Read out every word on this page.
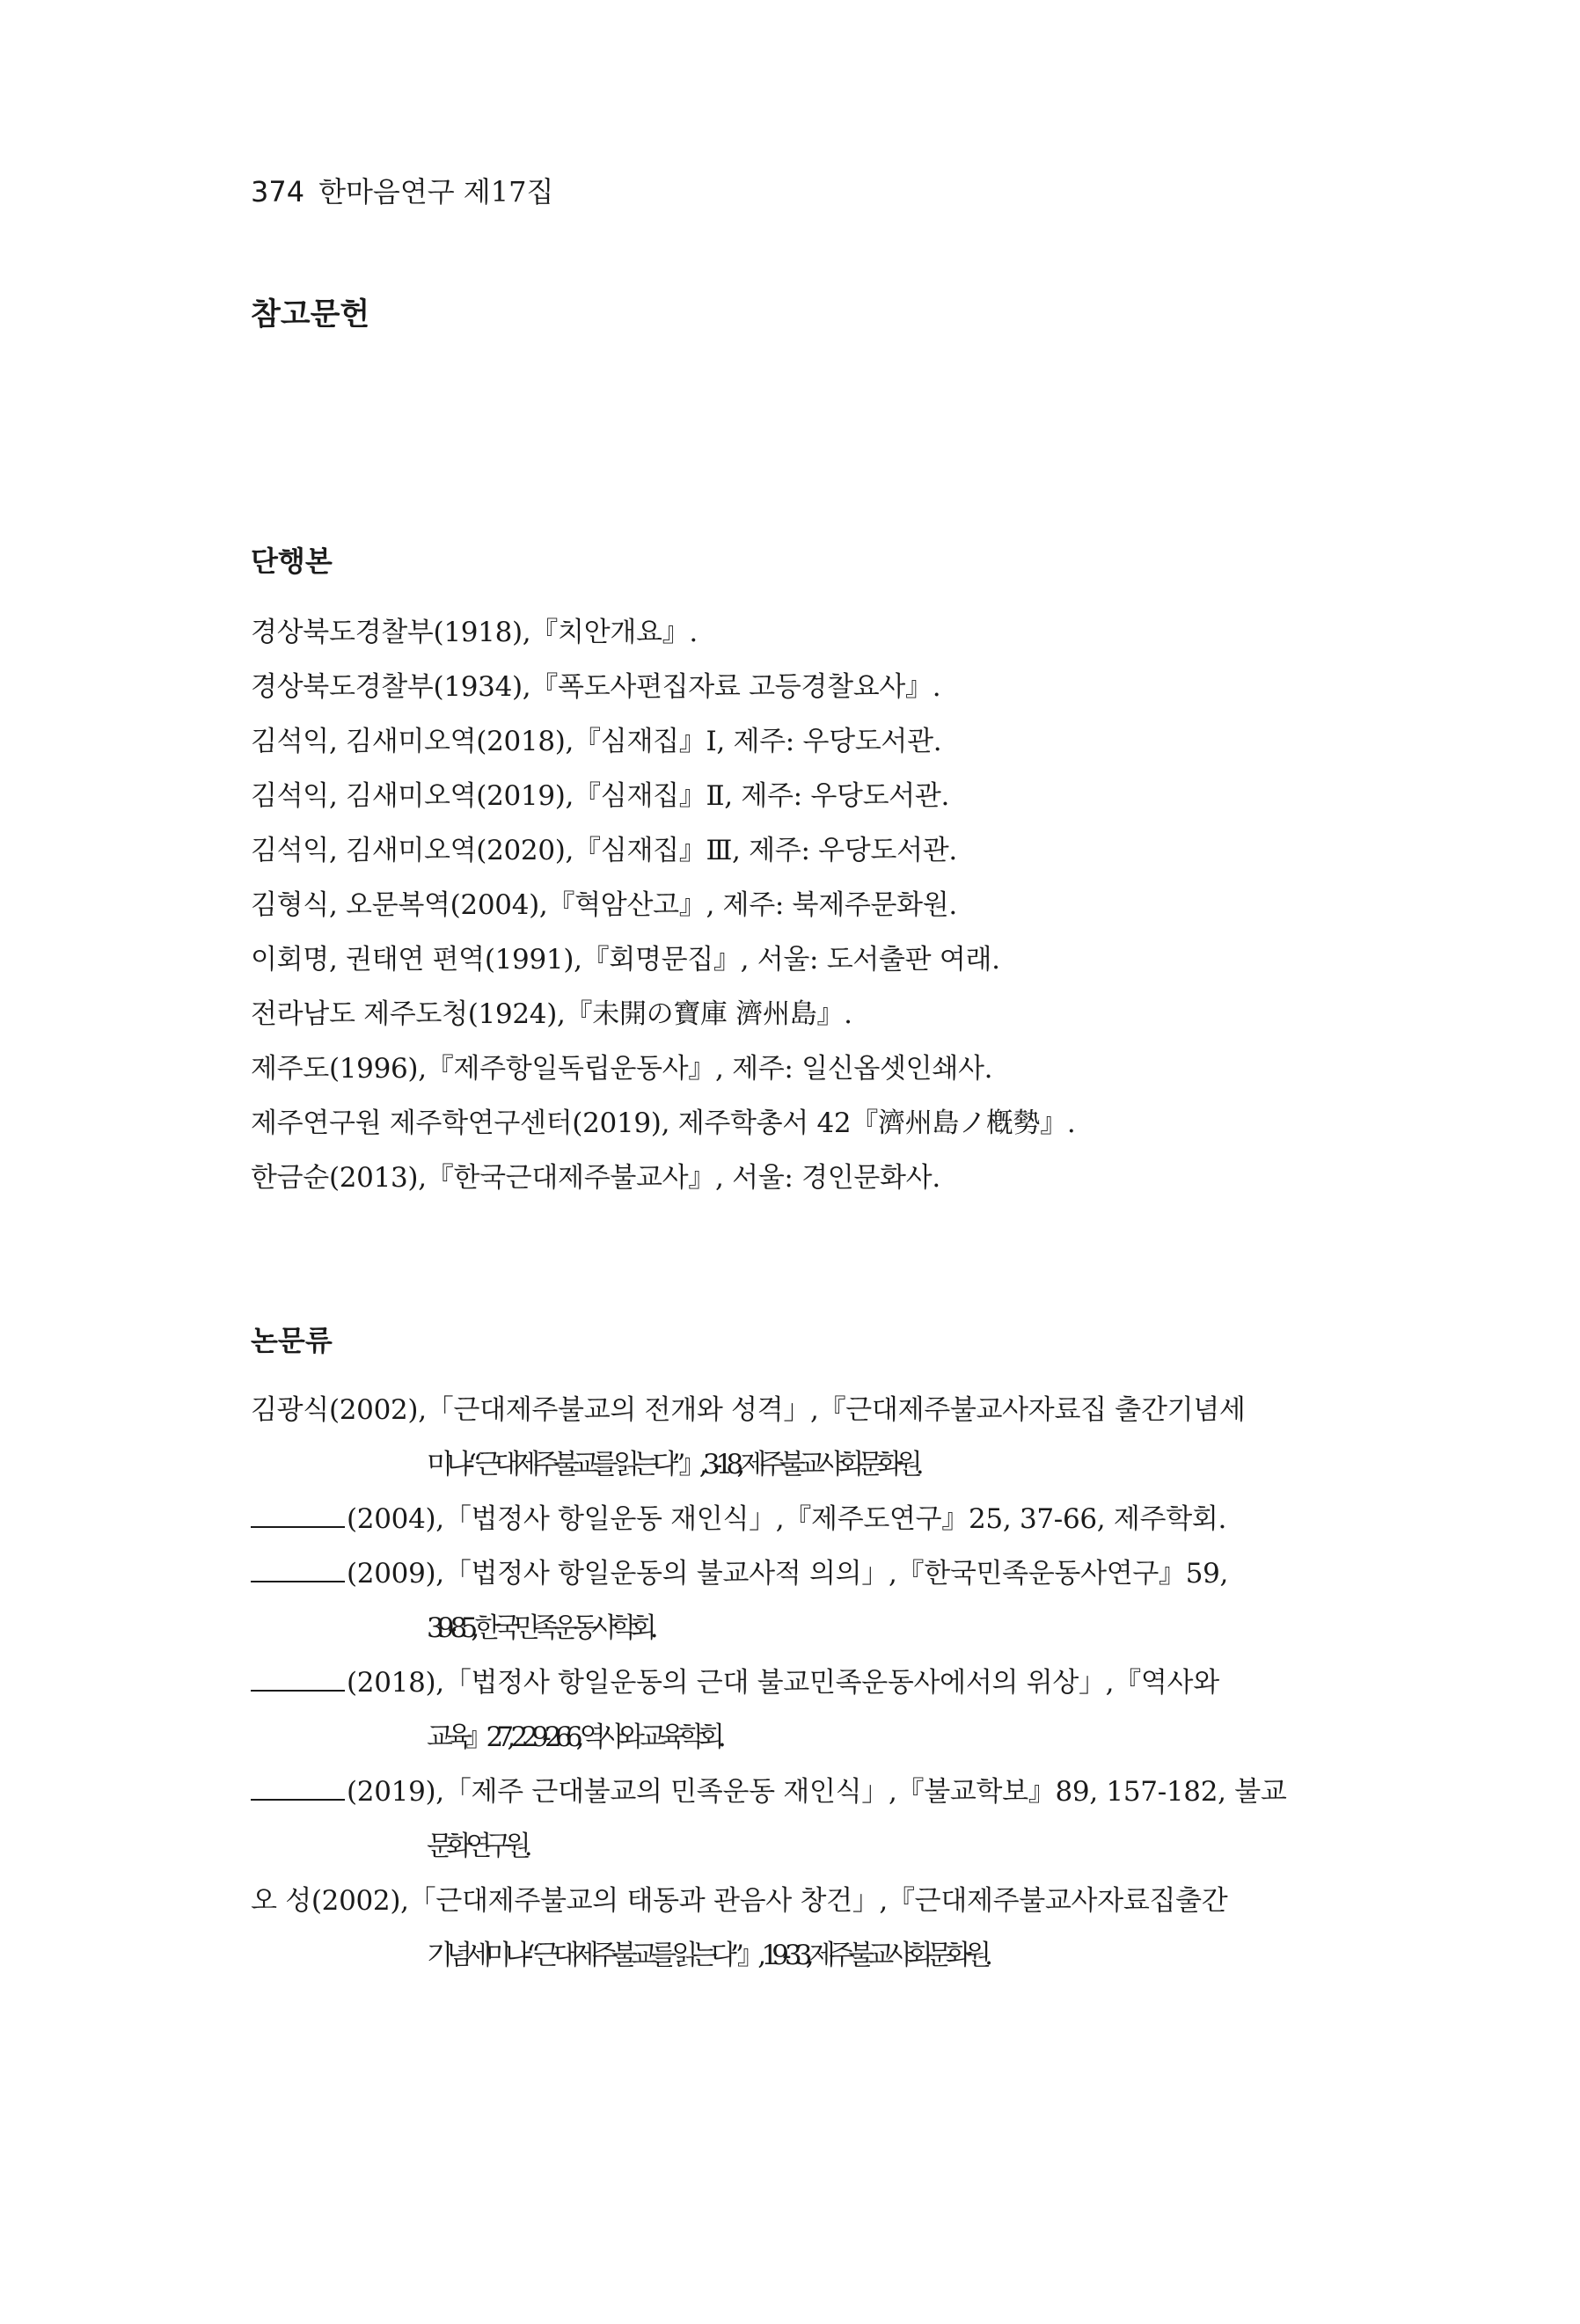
374 한마음연구 제17집
참고문헌
단행본
경상북도경찰부(1918),『치안개요』.
경상북도경찰부(1934),『폭도사편집자료 고등경찰요사』.
김석익, 김새미오역(2018),『심재집』Ⅰ, 제주: 우당도서관.
김석익, 김새미오역(2019),『심재집』Ⅱ, 제주: 우당도서관.
김석익, 김새미오역(2020),『심재집』Ⅲ, 제주: 우당도서관.
김형식, 오문복역(2004),『혁암산고』, 제주: 북제주문화원.
이회명, 권태연 편역(1991),『회명문집』, 서울: 도서출판 여래.
전라남도 제주도청(1924),『未開の寶庫 濟州島』.
제주도(1996),『제주항일독립운동사』, 제주: 일신옵셋인쇄사.
제주연구원 제주학연구센터(2019), 제주학총서 42『濟州島ノ槪勢』.
한금순(2013),『한국근대제주불교사』, 서울: 경인문화사.
논문류
김광식(2002),「근대제주불교의 전개와 성격」,『근대제주불교사자료집 출간기념세
미나-“근대제주불교를 읽는다”』, 3-18, 제주불교사회문화원.
(2004),「법정사 항일운동 재인식」,『제주도연구』25, 37-66, 제주학회.
(2009),「법정사 항일운동의 불교사적 의의」,『한국민족운동사연구』59,
39-85, 한국민족운동사학회.
(2018),「법정사 항일운동의 근대 불교민족운동사에서의 위상」,『역사와
교육』27, 229-266, 역사와 교육학회.
(2019),「제주 근대불교의 민족운동 재인식」,『불교학보』89, 157-182, 불교
문화연구원.
오 성(2002),「근대제주불교의 태동과 관음사 창건」,『근대제주불교사자료집출간
기념세미나-“근대제주불교를 읽는다”』, 19-33, 제주불교사회문화원.
